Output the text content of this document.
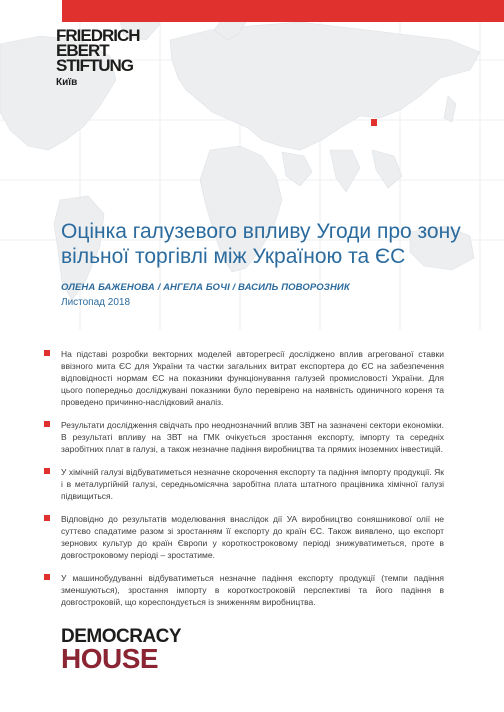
FRIEDRICH
EBERT
STIFTUNG
Київ
Оцінка галузевого впливу Угоди про зону вільної торгівлі між Україною та ЄС
ОЛЕНА БАЖЕНОВА / АНГЕЛА БОЧІ / ВАСИЛЬ ПОВОРОЗНИК
Листопад 2018
На підставі розробки векторних моделей авторегресії досліджено вплив агрегованої ставки ввізного мита ЄС для України та частки загальних витрат експортера до ЄС на забезпечення відповідності нормам ЄС на показники функціонування галузей промисловості України. Для цього попередньо досліджувані показники було перевірено на наявність одиничного кореня та проведено причинно-наслідковий аналіз.
Результати дослідження свідчать про неоднозначний вплив ЗВТ на зазначені сектори економіки. В результаті впливу на ЗВТ на ГМК очікується зростання експорту, імпорту та середніх заробітних плат в галузі, а також незначне падіння виробництва та прямих іноземних інвестицій.
У хімічній галузі відбуватиметься незначне скорочення експорту та падіння імпорту продукції. Як і в металургійній галузі, середньомісячна заробітна плата штатного працівника хімічної галузі підвищиться.
Відповідно до результатів моделювання внаслідок дії УА виробництво соняшникової олії не суттєво спадатиме разом зі зростанням її експорту до країн ЄС. Також виявлено, що експорт зернових культур до країн Європи у короткостроковому періоді знижуватиметься, проте в довгостроковому періоді – зростатиме.
У машинобудуванні відбуватиметься незначне падіння експорту продукції (темпи падіння зменшуються), зростання імпорту в короткостроковій перспективі та його падіння в довгостроковій, що кореспондується із зниженням виробництва.
DEMOCRACY
HOUSE
